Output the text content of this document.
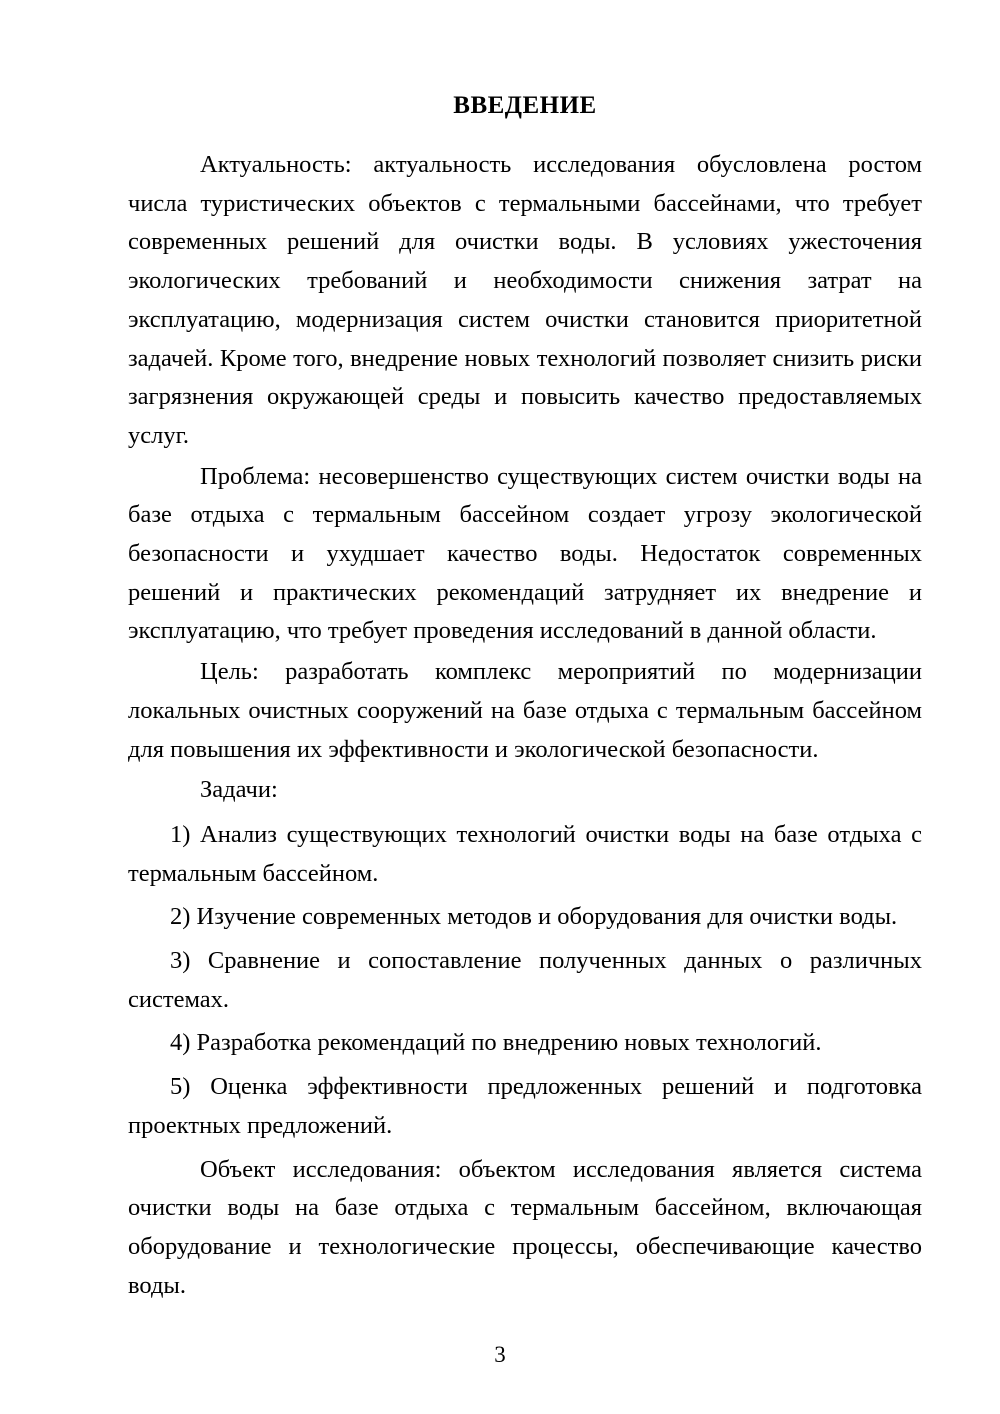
ВВЕДЕНИЕ

Актуальность: актуальность исследования обусловлена ростом числа туристических объектов с термальными бассейнами, что требует современных решений для очистки воды. В условиях ужесточения экологических требований и необходимости снижения затрат на эксплуатацию, модернизация систем очистки становится приоритетной задачей. Кроме того, внедрение новых технологий позволяет снизить риски загрязнения окружающей среды и повысить качество предоставляемых услуг.

Проблема: несовершенство существующих систем очистки воды на базе отдыха с термальным бассейном создает угрозу экологической безопасности и ухудшает качество воды. Недостаток современных решений и практических рекомендаций затрудняет их внедрение и эксплуатацию, что требует проведения исследований в данной области.

Цель: разработать комплекс мероприятий по модернизации локальных очистных сооружений на базе отдыха с термальным бассейном для повышения их эффективности и экологической безопасности.

Задачи:

1) Анализ существующих технологий очистки воды на базе отдыха с термальным бассейном.

2) Изучение современных методов и оборудования для очистки воды.

3) Сравнение и сопоставление полученных данных о различных системах.

4) Разработка рекомендаций по внедрению новых технологий.

5) Оценка эффективности предложенных решений и подготовка проектных предложений.

Объект исследования: объектом исследования является система очистки воды на базе отдыха с термальным бассейном, включающая оборудование и технологические процессы, обеспечивающие качество воды.

3
